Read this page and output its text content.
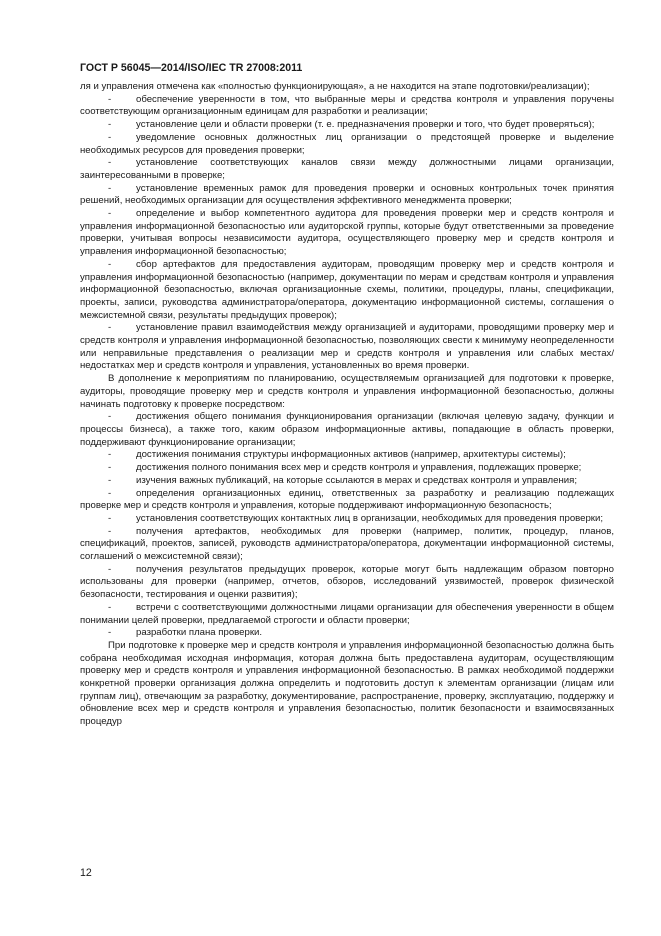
ГОСТ Р 56045—2014/ISO/IEC TR 27008:2011

ля и управления отмечена как «полностью функционирующая», а не находится на этапе подготовки/реализации);

-	обеспечение уверенности в том, что выбранные меры и средства контроля и управления поручены соответствующим организационным единицам для разработки и реализации;

-	установление цели и области проверки (т. е. предназначения проверки и того, что будет проверяться);

-	уведомление основных должностных лиц организации о предстоящей проверке и выделение необходимых ресурсов для проведения проверки;

-	установление соответствующих каналов связи между должностными лицами организации, заинтересованными в проверке;

-	установление временных рамок для проведения проверки и основных контрольных точек принятия решений, необходимых организации для осуществления эффективного менеджмента проверки;

-	определение и выбор компетентного аудитора для проведения проверки мер и средств контроля и управления информационной безопасностью или аудиторской группы, которые будут ответственными за проведение проверки, учитывая вопросы независимости аудитора, осуществляющего проверку мер и средств контроля и управления информационной безопасностью;

-	сбор артефактов для предоставления аудиторам, проводящим проверку мер и средств контроля и управления информационной безопасностью (например, документации по мерам и средствам контроля и управления информационной безопасностью, включая организационные схемы, политики, процедуры, планы, спецификации, проекты, записи, руководства администратора/оператора, документацию информационной системы, соглашения о межсистемной связи, результаты предыдущих проверок);

-	установление правил взаимодействия между организацией и аудиторами, проводящими проверку мер и средств контроля и управления информационной безопасностью, позволяющих свести к минимуму неопределенности или неправильные представления о реализации мер и средств контроля и управления или слабых местах/недостатках мер и средств контроля и управления, установленных во время проверки.

В дополнение к мероприятиям по планированию, осуществляемым организацией для подготовки к проверке, аудиторы, проводящие проверку мер и средств контроля и управления информационной безопасностью, должны начинать подготовку к проверке посредством:

-	достижения общего понимания функционирования организации (включая целевую задачу, функции и процессы бизнеса), а также того, каким образом информационные активы, попадающие в область проверки, поддерживают функционирование организации;

-	достижения понимания структуры информационных активов (например, архитектуры системы);

-	достижения полного понимания всех мер и средств контроля и управления, подлежащих проверке;

-	изучения важных публикаций, на которые ссылаются в мерах и средствах контроля и управления;

-	определения организационных единиц, ответственных за разработку и реализацию подлежащих проверке мер и средств контроля и управления, которые поддерживают информационную безопасность;

-	установления соответствующих контактных лиц в организации, необходимых для проведения проверки;

-	получения артефактов, необходимых для проверки (например, политик, процедур, планов, спецификаций, проектов, записей, руководств администратора/оператора, документации информационной системы, соглашений о межсистемной связи);

-	получения результатов предыдущих проверок, которые могут быть надлежащим образом повторно использованы для проверки (например, отчетов, обзоров, исследований уязвимостей, проверок физической безопасности, тестирования и оценки развития);

-	встречи с соответствующими должностными лицами организации для обеспечения уверенности в общем понимании целей проверки, предлагаемой строгости и области проверки;

-	разработки плана проверки.

При подготовке к проверке мер и средств контроля и управления информационной безопасностью должна быть собрана необходимая исходная информация, которая должна быть предоставлена аудиторам, осуществляющим проверку мер и средств контроля и управления информационной безопасностью. В рамках необходимой поддержки конкретной проверки организация должна определить и подготовить доступ к элементам организации (лицам или группам лиц), отвечающим за разработку, документирование, распространение, проверку, эксплуатацию, поддержку и обновление всех мер и средств контроля и управления безопасностью, политик безопасности и взаимосвязанных процедур

12
